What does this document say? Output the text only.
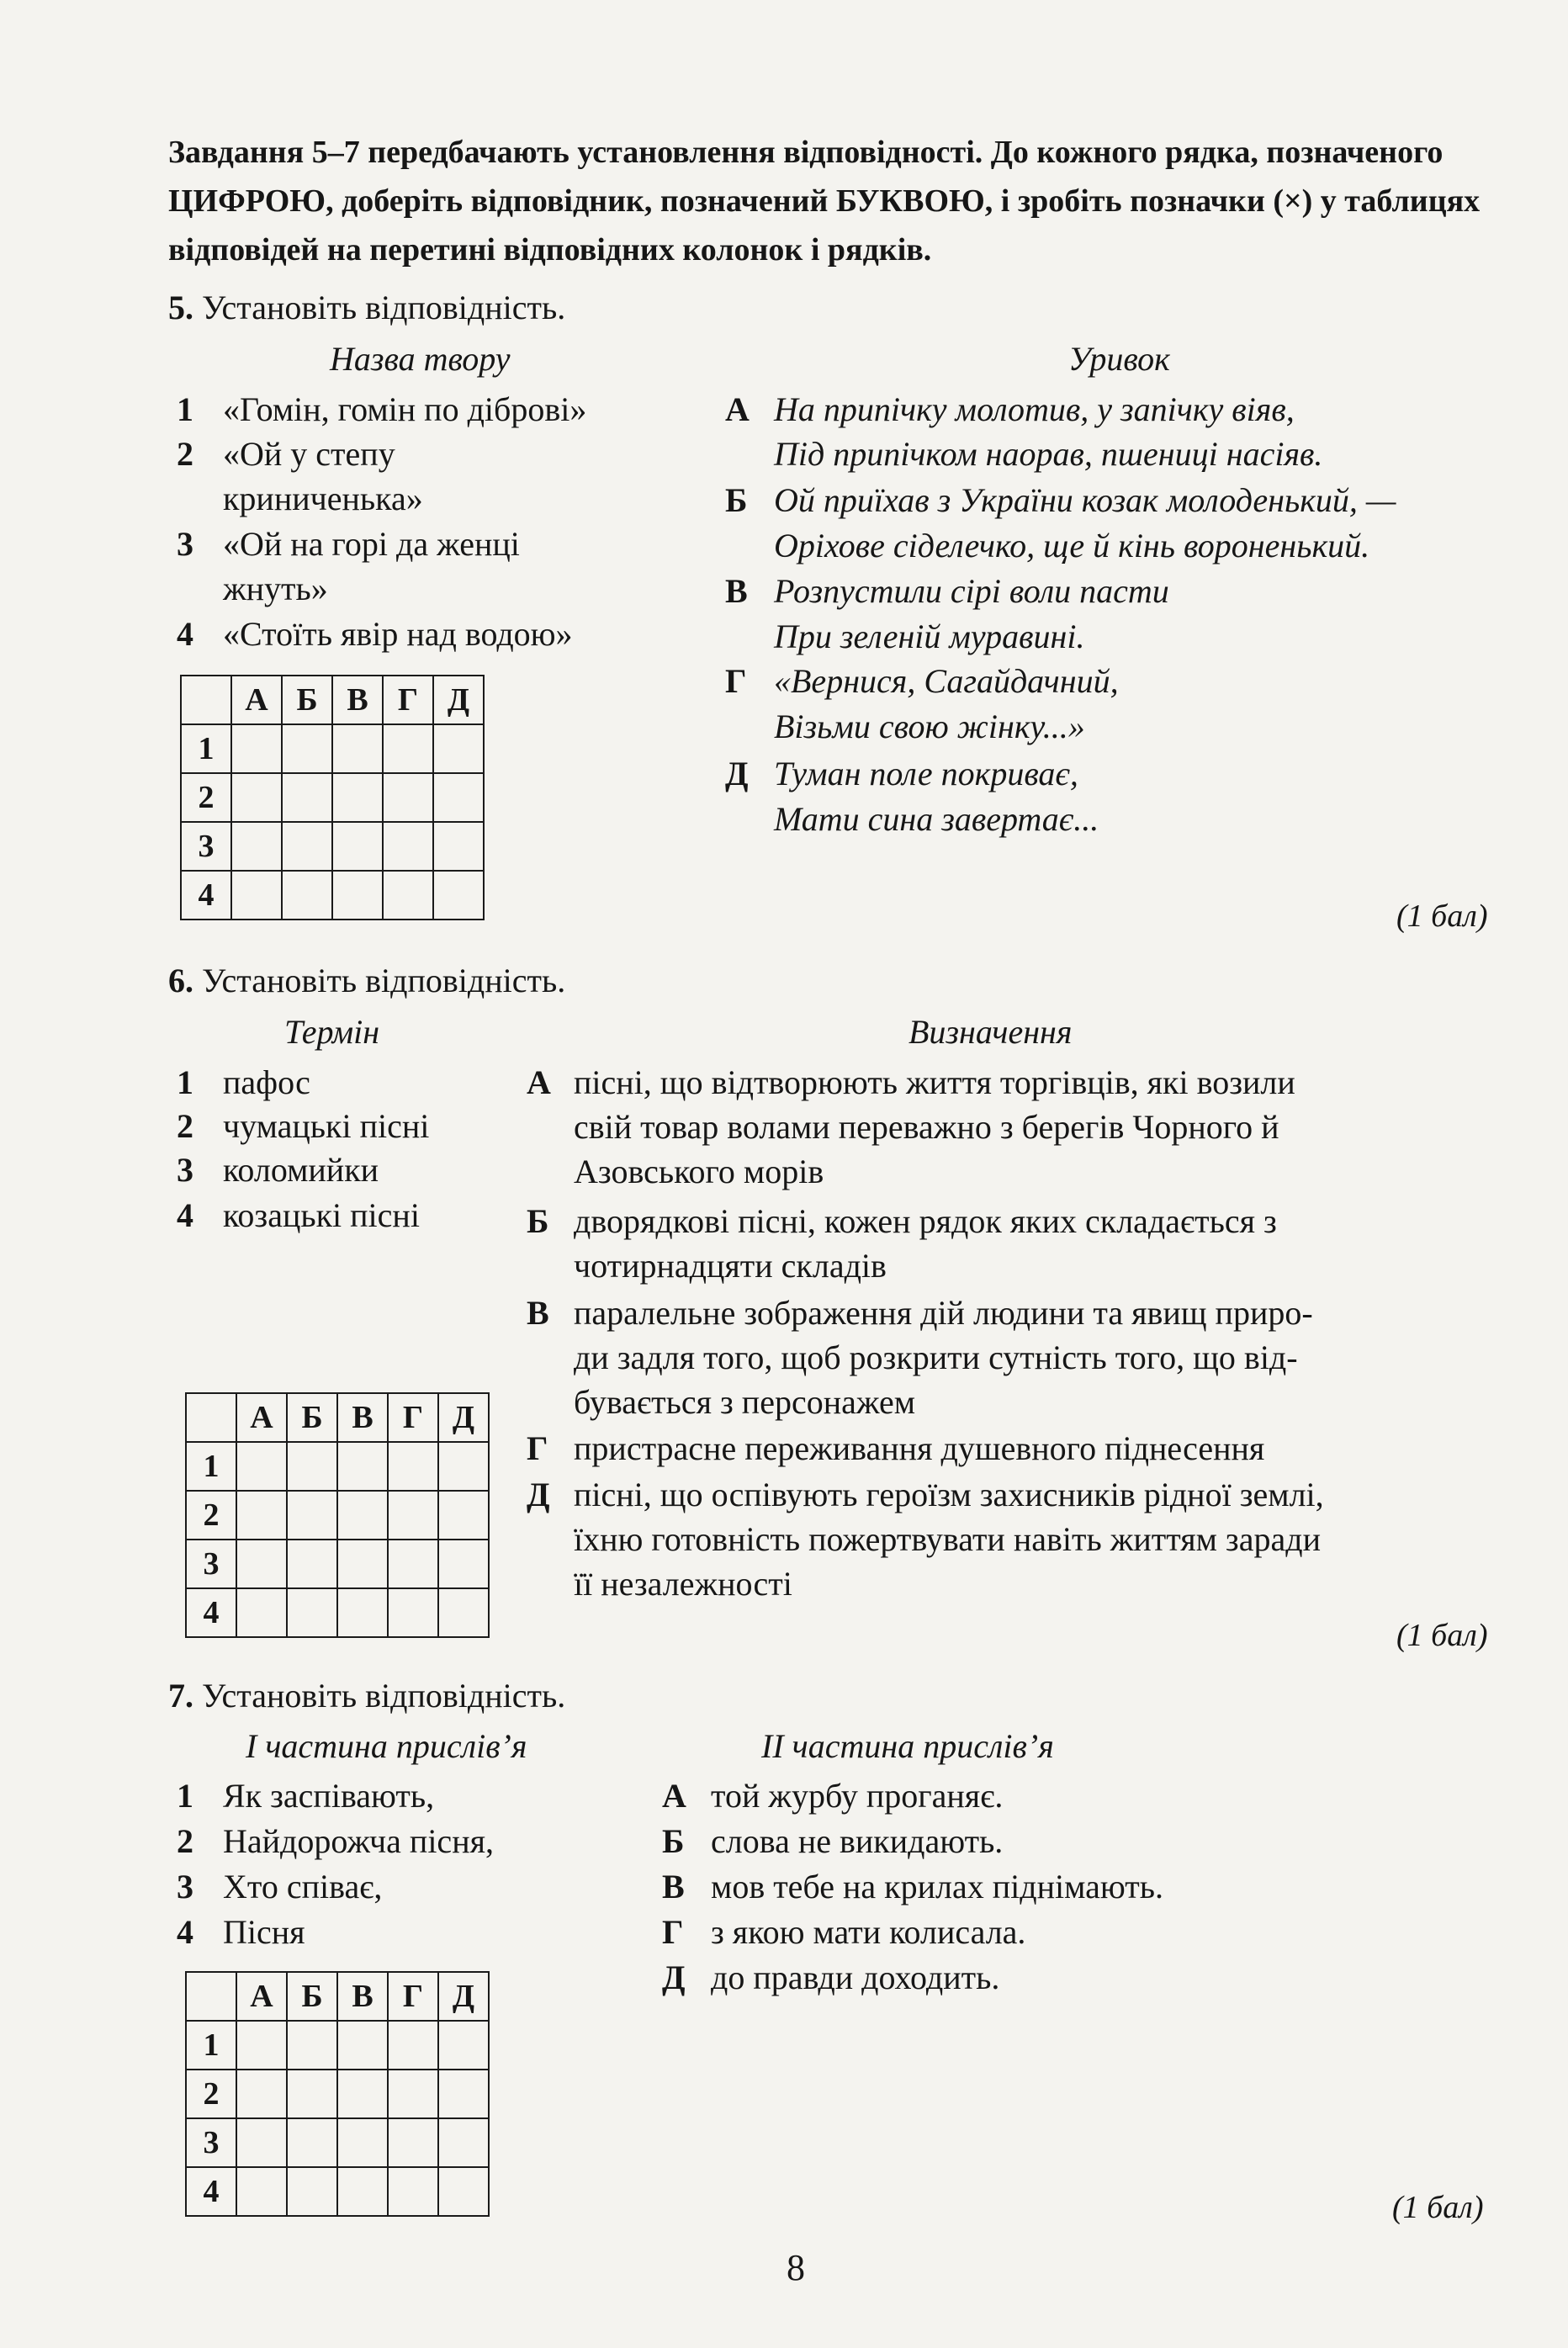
Завдання 5–7 передбачають установлення відповідності. До кожного рядка, позначеного ЦИФРОЮ, доберіть відповідник, позначений БУКВОЮ, і зробіть позначки (×) у таблицях відповідей на перетині відповідних колонок і рядків.
5. Установіть відповідність.
Назва твору	Уривок
1 «Гомін, гомін по діброві»
2 «Ой у степу
криниченька»
3 «Ой на горі да женці
жнуть»
4 «Стоїть явір над водою»
А На припічку молотив, у запічку віяв,
Під припічком наорав, пшениці насіяв.
Б Ой приїхав з України козак молоденький, —
Оріхове сіделечко, ще й кінь вороненький.
В Розпустили сірі воли пасти
При зеленій муравині.
Г «Вернися, Сагайдачний,
Візьми свою жінку...»
Д Туман поле покриває,
Мати сина завертає...
	А	Б	В	Г	Д
1					
2					
3					
4					
(1 бал)
6. Установіть відповідність.
Термін	Визначення
1 пафос
2 чумацькі пісні
3 коломийки
4 козацькі пісні
А пісні, що відтворюють життя торгівців, які возили
свій товар волами переважно з берегів Чорного й
Азовського морів
Б дворядкові пісні, кожен рядок яких складається з
чотирнадцяти складів
В паралельне зображення дій людини та явищ приро-
ди задля того, щоб розкрити сутність того, що від-
бувається з персонажем
Г пристрасне переживання душевного піднесення
Д пісні, що оспівують героїзм захисників рідної землі,
їхню готовність пожертвувати навіть життям заради
її незалежності
	А	Б	В	Г	Д
1					
2					
3					
4					
(1 бал)
7. Установіть відповідність.
I частина прислів’я	II частина прислів’я
1 Як заспівають,
2 Найдорожча пісня,
3 Хто співає,
4 Пісня
А той журбу проганяє.
Б слова не викидають.
В мов тебе на крилах піднімають.
Г з якою мати колисала.
Д до правди доходить.
	А	Б	В	Г	Д
1					
2					
3					
4						(1 бал)
8
